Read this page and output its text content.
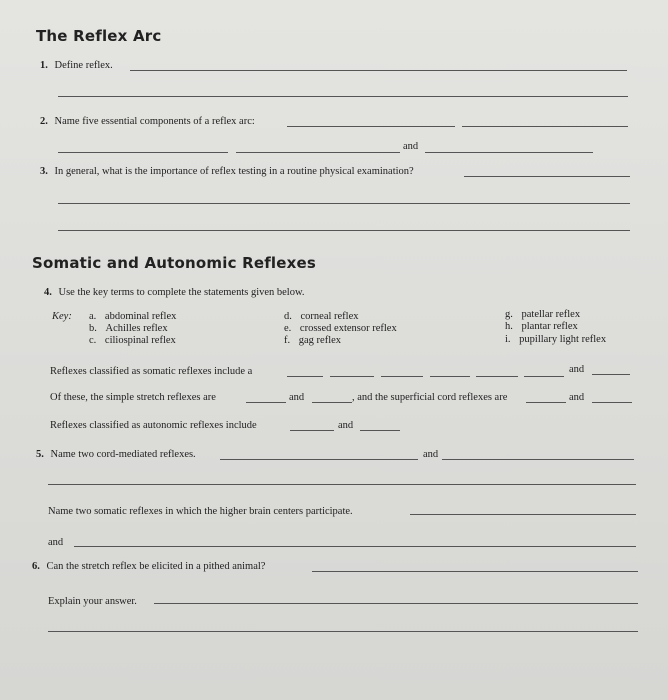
The Reflex Arc
1. Define reflex.
2. Name five essential components of a reflex arc:
and
3. In general, what is the importance of reflex testing in a routine physical examination?
Somatic and Autonomic Reflexes
4. Use the key terms to complete the statements given below.
Key: a. abdominal reflex
b. Achilles reflex
c. ciliospinal reflex
d. corneal reflex
e. crossed extensor reflex
f. gag reflex
g. patellar reflex
h. plantar reflex
i. pupillary light reflex
Reflexes classified as somatic reflexes include a	and
Of these, the simple stretch reflexes are	and	, and the superficial cord reflexes are	and
Reflexes classified as autonomic reflexes include	and
5. Name two cord-mediated reflexes.	and
Name two somatic reflexes in which the higher brain centers participate.
and
6. Can the stretch reflex be elicited in a pithed animal?
Explain your answer.
